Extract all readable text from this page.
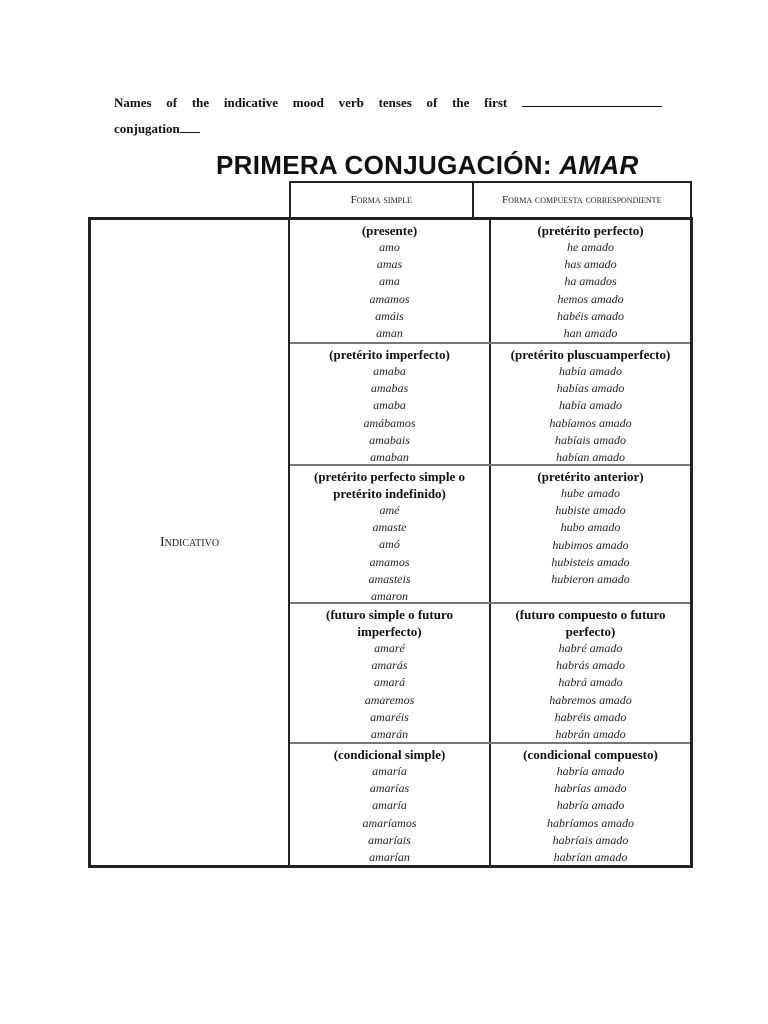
Names of the indicative mood verb tenses of the first
conjugation
PRIMERA CONJUGACIÓN: AMAR
Forma simple	Forma compuesta correspondiente
Indicativo
(presente)
amo
amas
ama
amamos
amáis
aman
(pretérito perfecto)
he amado
has amado
ha amados
hemos amado
habéis amado
han amado
(pretérito imperfecto)
amaba
amabas
amaba
amábamos
amabais
amaban
(pretérito pluscuamperfecto)
había amado
habías amado
había amado
habíamos amado
habíais amado
habían amado
(pretérito perfecto simple o pretérito indefinido)
amé
amaste
amó
amamos
amasteis
amaron
(pretérito anterior)
hube amado
hubiste amado
hubo amado
hubimos amado
hubisteis amado
hubieron amado
(futuro simple o futuro imperfecto)
amaré
amarás
amará
amaremos
amaréis
amarán
(futuro compuesto o futuro perfecto)
habré amado
habrás amado
habrá amado
habremos amado
habréis amado
habrán amado
(condicional simple)
amaría
amarías
amaría
amaríamos
amaríais
amarían
(condicional compuesto)
habría amado
habrías amado
habría amado
habríamos amado
habríais amado
habrían amado
